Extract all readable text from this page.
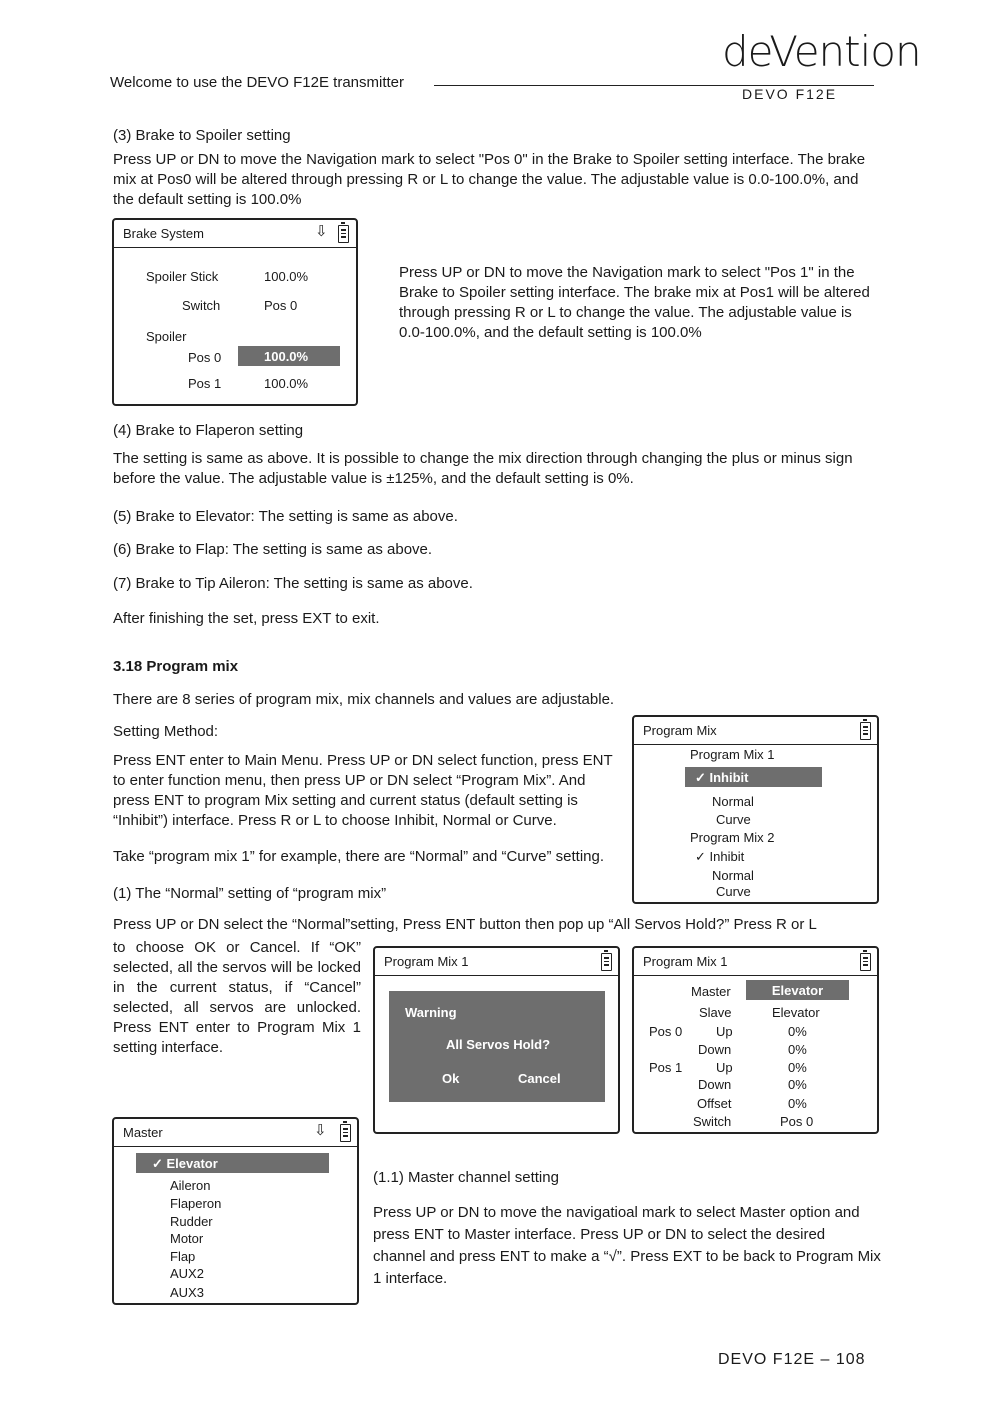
Welcome to use the DEVO F12E transmitter
deVention
DEVO F12E
(3) Brake to Spoiler setting

Press UP or DN to move the Navigation mark to select "Pos 0" in the Brake to Spoiler setting interface. The brake mix at Pos0 will be altered through pressing R or L to change the value. The adjustable value is 0.0-100.0%, and the default setting is 100.0%

Brake System	⇩
Spoiler Stick	100.0%
Switch	Pos 0
Spoiler
Pos 0	100.0%
Pos 1	100.0%

Press UP or DN to move the Navigation mark to select "Pos 1" in the Brake to Spoiler setting interface. The brake mix at Pos1 will be altered through pressing R or L to change the value. The adjustable value is 0.0-100.0%, and the default setting is 100.0%

(4) Brake to Flaperon setting

The setting is same as above. It is possible to change the mix direction through changing the plus or minus sign before the value. The adjustable value is ±125%, and the default setting is 0%.

(5) Brake to Elevator: The setting is same as above.
(6) Brake to Flap: The setting is same as above.
(7) Brake to Tip Aileron: The setting is same as above.
After finishing the set, press EXT to exit.
3.18 Program mix
There are 8 series of program mix, mix channels and values are adjustable.
Setting Method:

Press ENT enter to Main Menu. Press UP or DN select function, press ENT to enter function menu, then press UP or DN select “Program Mix”. And press ENT to program Mix setting and current status (default setting is “Inhibit”) interface. Press R or L to choose Inhibit, Normal or Curve.

Take “program mix 1” for example, there are “Normal” and “Curve” setting.
(1) The “Normal” setting of “program mix”
Press UP or DN select the “Normal”setting, Press ENT button then pop up “All Servos Hold?” Press R or L

to choose OK or Cancel. If “OK” selected, all the servos will be locked in the current status, if “Cancel” selected, all servos are unlocked. Press ENT enter to Program Mix 1 setting interface.

Program Mix
Program Mix 1
✓ Inhibit
Normal
Curve
Program Mix 2
✓ Inhibit
Normal
Curve
Program Mix 1
Warning
All Servos Hold?
Ok	Cancel
Program Mix 1
Master	Elevator
Slave	Elevator
Pos 0	Up	0%
Down	0%
Pos 1	Up	0%
Down	0%
Offset	0%
Switch	Pos 0
Master	⇩
✓ Elevator
Aileron
Flaperon
Rudder
Motor
Flap
AUX2
AUX3
(1.1) Master channel setting

Press UP or DN to move the navigatioal mark to select Master option and press ENT to Master interface. Press UP or DN to select the desired channel and press ENT to make a “√”. Press EXT to be back to Program Mix 1 interface.

DEVO F12E – 108
